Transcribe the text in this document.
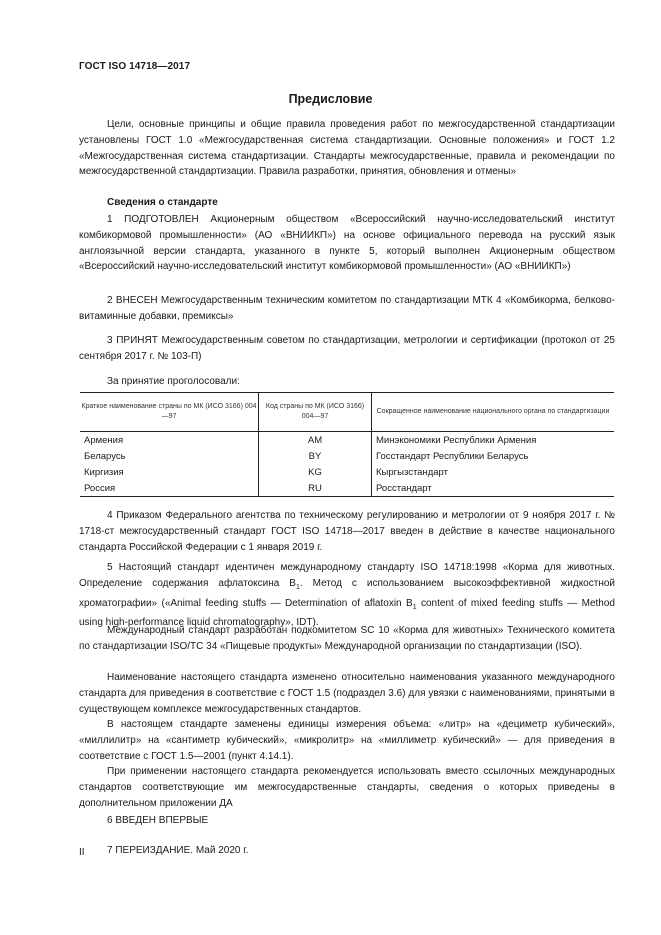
ГОСТ ISO 14718—2017
Предисловие
Цели, основные принципы и общие правила проведения работ по межгосударственной стандартизации установлены ГОСТ 1.0 «Межгосударственная система стандартизации. Основные положения» и ГОСТ 1.2 «Межгосударственная система стандартизации. Стандарты межгосударственные, правила и рекомендации по межгосударственной стандартизации. Правила разработки, принятия, обновления и отмены»
Сведения о стандарте
1 ПОДГОТОВЛЕН Акционерным обществом «Всероссийский научно-исследовательский институт комбикормовой промышленности» (АО «ВНИИКП») на основе официального перевода на русский язык англоязычной версии стандарта, указанного в пункте 5, который выполнен Акционерным обществом «Всероссийский научно-исследовательский институт комбикормовой промышленности» (АО «ВНИИКП»)
2 ВНЕСЕН Межгосударственным техническим комитетом по стандартизации МТК 4 «Комбикорма, белково-витаминные добавки, премиксы»
3 ПРИНЯТ Межгосударственным советом по стандартизации, метрологии и сертификации (протокол от 25 сентября 2017 г. № 103-П)
За принятие проголосовали:
Краткое наименование страны по МК (ИСО 3166) 004—97	Код страны по МК (ИСО 3166) 004—97	Сокращенное наименование национального органа по стандартизации
Армения	AM	Минэкономики Республики Армения
Беларусь	BY	Госстандарт Республики Беларусь
Киргизия	KG	Кыргызстандарт
Россия	RU	Росстандарт
4 Приказом Федерального агентства по техническому регулированию и метрологии от 9 ноября 2017 г. № 1718-ст межгосударственный стандарт ГОСТ ISO 14718—2017 введен в действие в качестве национального стандарта Российской Федерации с 1 января 2019 г.
5 Настоящий стандарт идентичен международному стандарту ISO 14718:1998 «Корма для животных. Определение содержания афлатоксина $B_1$. Метод с использованием высокоэффективной жидкостной хроматографии» («Animal feeding stuffs — Determination of aflatoxin $B_1$ content of mixed feeding stuffs — Method using high-performance liquid chromatography», IDT).
Международный стандарт разработан подкомитетом SC 10 «Корма для животных» Технического комитета по стандартизации ISO/TC 34 «Пищевые продукты» Международной организации по стандартизации (ISO).
Наименование настоящего стандарта изменено относительно наименования указанного международного стандарта для приведения в соответствие с ГОСТ 1.5 (подраздел 3.6) для увязки с наименованиями, принятыми в существующем комплексе межгосударственных стандартов.
В настоящем стандарте заменены единицы измерения объема: «литр» на «дециметр кубический», «миллилитр» на «сантиметр кубический», «микролитр» на «миллиметр кубический» — для приведения в соответствие с ГОСТ 1.5—2001 (пункт 4.14.1).
При применении настоящего стандарта рекомендуется использовать вместо ссылочных международных стандартов соответствующие им межгосударственные стандарты, сведения о которых приведены в дополнительном приложении ДА
6 ВВЕДЕН ВПЕРВЫЕ
7 ПЕРЕИЗДАНИЕ. Май 2020 г.
II
